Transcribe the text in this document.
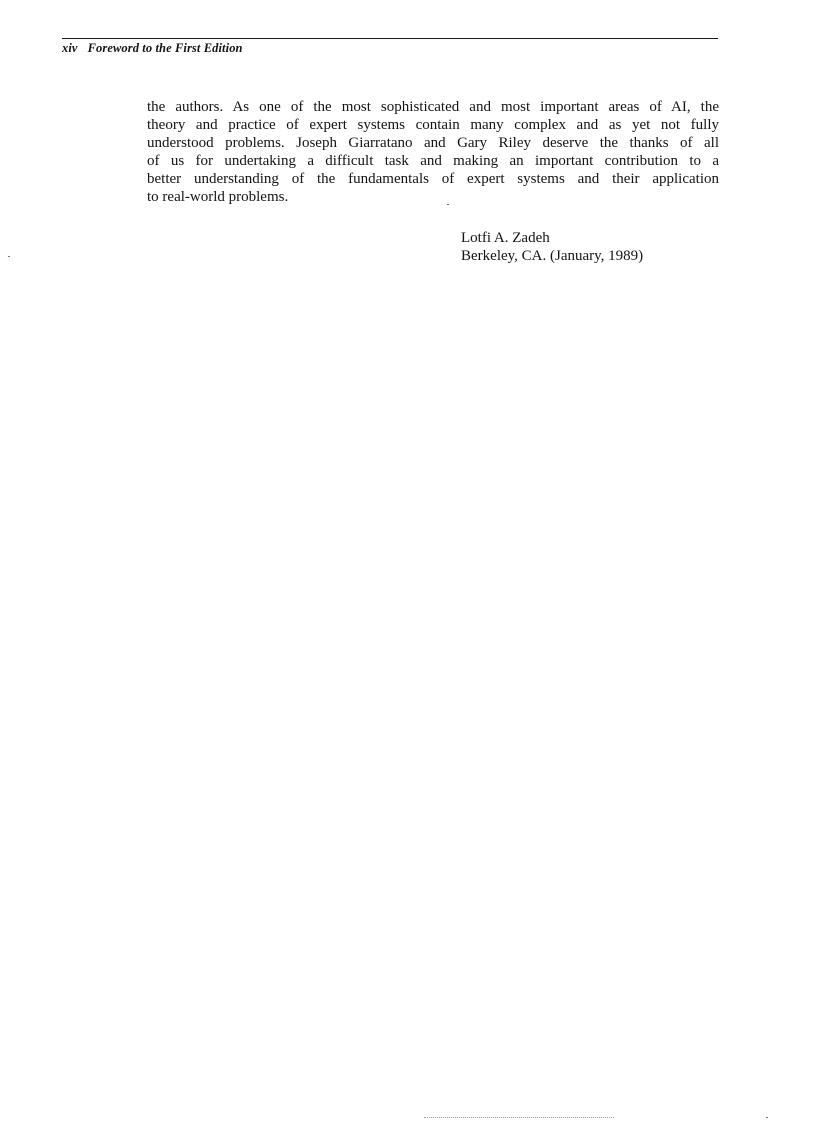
xiv Foreword to the First Edition

the authors. As one of the most sophisticated and most important areas of AI, the
theory and practice of expert systems contain many complex and as yet not fully
understood problems. Joseph Giarratano and Gary Riley deserve the thanks of all
of us for undertaking a difficult task and making an important contribution to a
better understanding of the fundamentals of expert systems and their application
to real-world problems.

Lotfi A. Zadeh
Berkeley, CA. (January, 1989)
